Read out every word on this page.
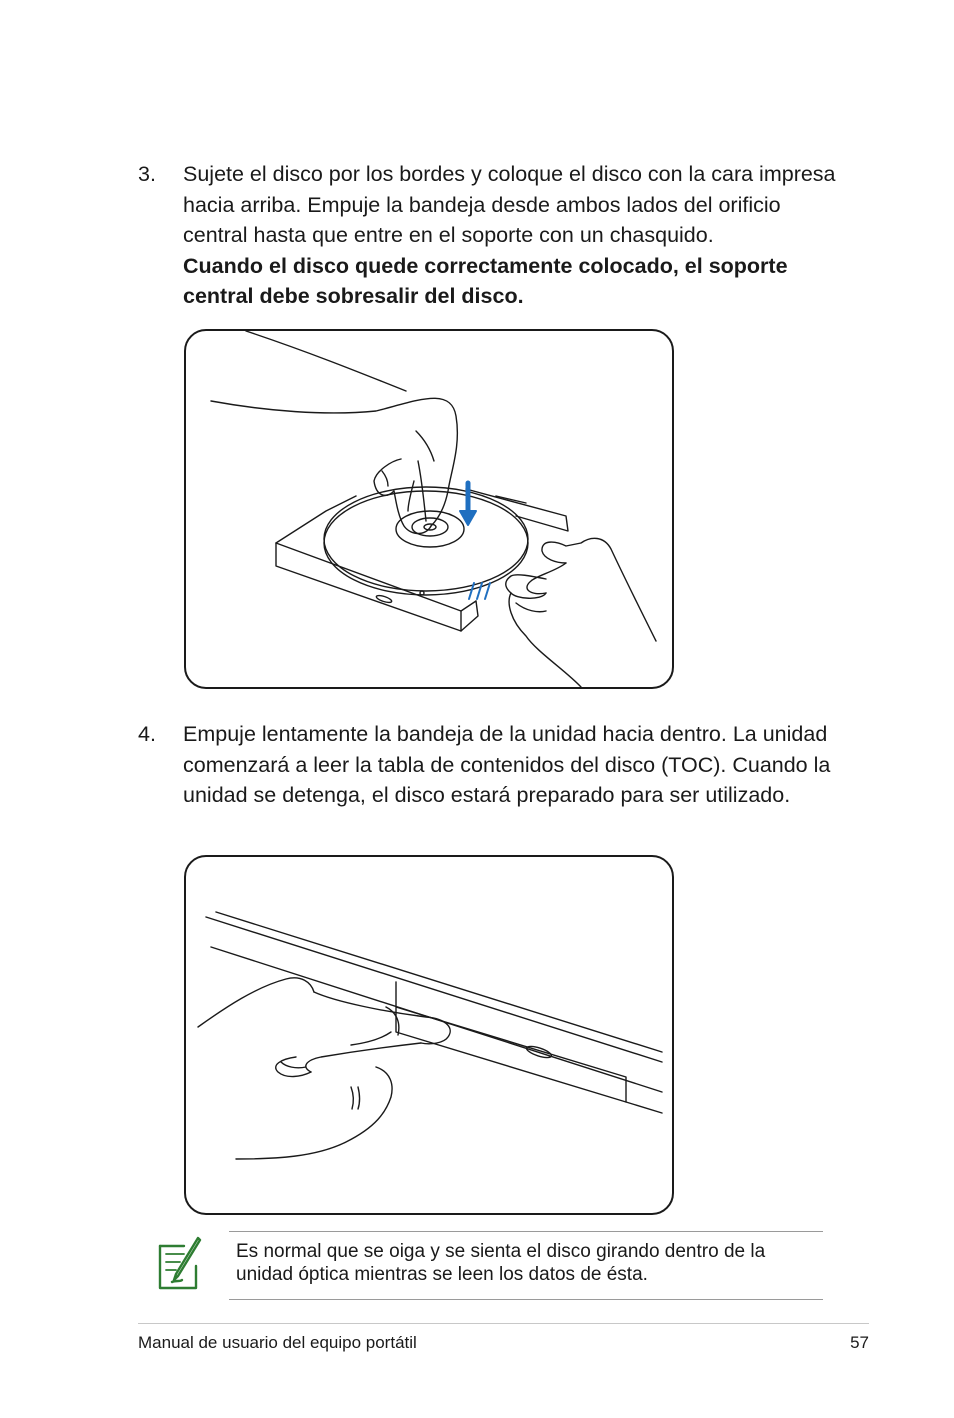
3. Sujete el disco por los bordes y coloque el disco con la cara impresa hacia arriba. Empuje la bandeja desde ambos lados del orificio central hasta que entre en el soporte con un chasquido.
Cuando el disco quede correctamente colocado, el soporte central debe sobresalir del disco.
4. Empuje lentamente la bandeja de la unidad hacia dentro. La unidad comenzará a leer la tabla de contenidos del disco (TOC). Cuando la unidad se detenga, el disco estará preparado para ser utilizado.
Es normal que se oiga y se sienta el disco girando dentro de la unidad óptica mientras se leen los datos de ésta.
Manual de usuario del equipo portátil	57
